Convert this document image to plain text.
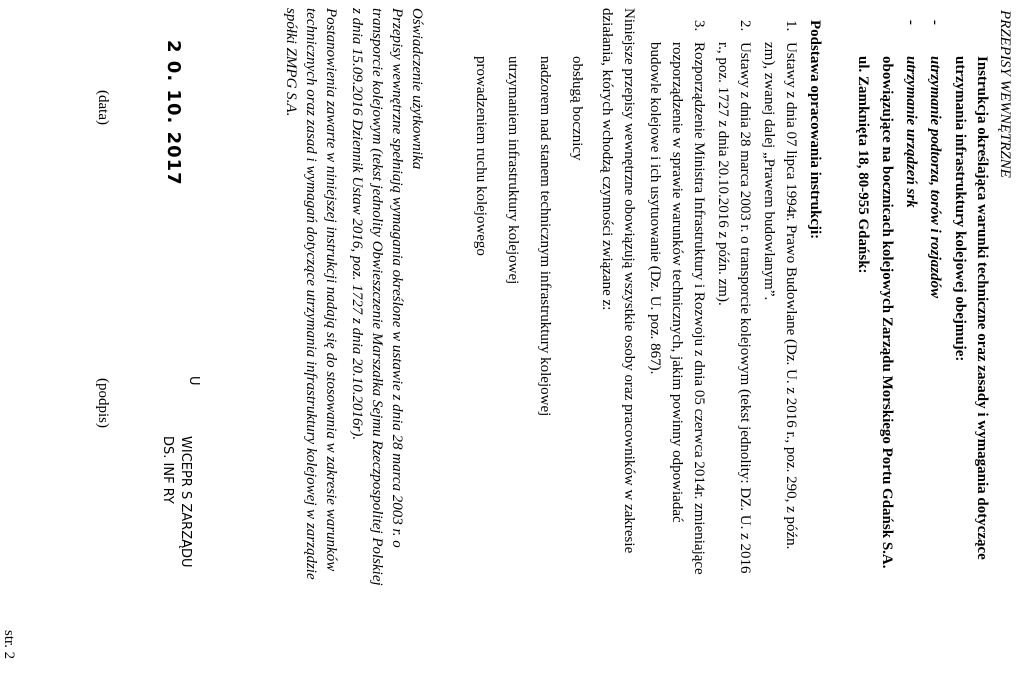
PRZEPISY WEWNĘTRZNE
Instrukcja określająca warunki techniczne oraz zasady i wymagania dotyczące
utrzymania infrastruktury kolejowej obejmuje:
-
utrzymanie podtorza, torów i rozjazdów
-
utrzymanie urządzeń srk
obowiązujące na bocznicach kolejowych Zarządu Morskiego Portu Gdańsk S.A.
ul. Zamknięta 18, 80-955 Gdańsk:
Podstawa opracowania instrukcji:
1.
Ustawy z dnia 07 lipca 1994r. Prawo Budowlane (Dz. U. z 2016 r., poz. 290, z późn.
zm), zwanej dalej „Prawem budowlanym”.
2.
Ustawy z dnia 28 marca 2003 r. o transporcie kolejowym (tekst jednolity: DZ. U. z 2016
r., poz. 1727 z dnia 20.10.2016 z późn. zm).
3.
Rozporządzenie Ministra Infrastruktury i Rozwoju z dnia 05 czerwca 2014r. zmieniające
rozporządzenie w sprawie warunków technicznych, jakim powinny odpowiadać
budowle kolejowe i ich usytuowanie (Dz. U. poz. 867).
Niniejsze przepisy wewnętrzne obowiązują wszystkie osoby oraz pracowników w zakresie
działania, których wchodzą czynności związane z:
obsługą bocznicy
nadzorem nad stanem technicznym infrastruktury kolejowej
utrzymaniem infrastruktury kolejowej
prowadzeniem ruchu kolejowego
Oświadczenie użytkownika
Przepisy wewnętrzne spełniają wymagania określone w ustawie z dnia 28 marca 2003 r. o
transporcie kolejowym (tekst jednolity Obwieszczenie Marszałka Sejmu Rzeczpospolitej Polskiej
z dnia 15.09.2016 Dziennik Ustaw 2016, poz. 1727 z dnia 20.10.2016r).
Postanowienia zawarte w niniejszej instrukcji nadają się do stosowania w zakresie warunków
technicznych oraz zasad i wymagań dotyczące utrzymania infrastruktury kolejowej w zarządzie
spółki ZMPG S.A.
2 0. 10. 2017
(data)
U
WICEPR S ZARZĄDU
DS. INF RY
(podpis)
str. 2
